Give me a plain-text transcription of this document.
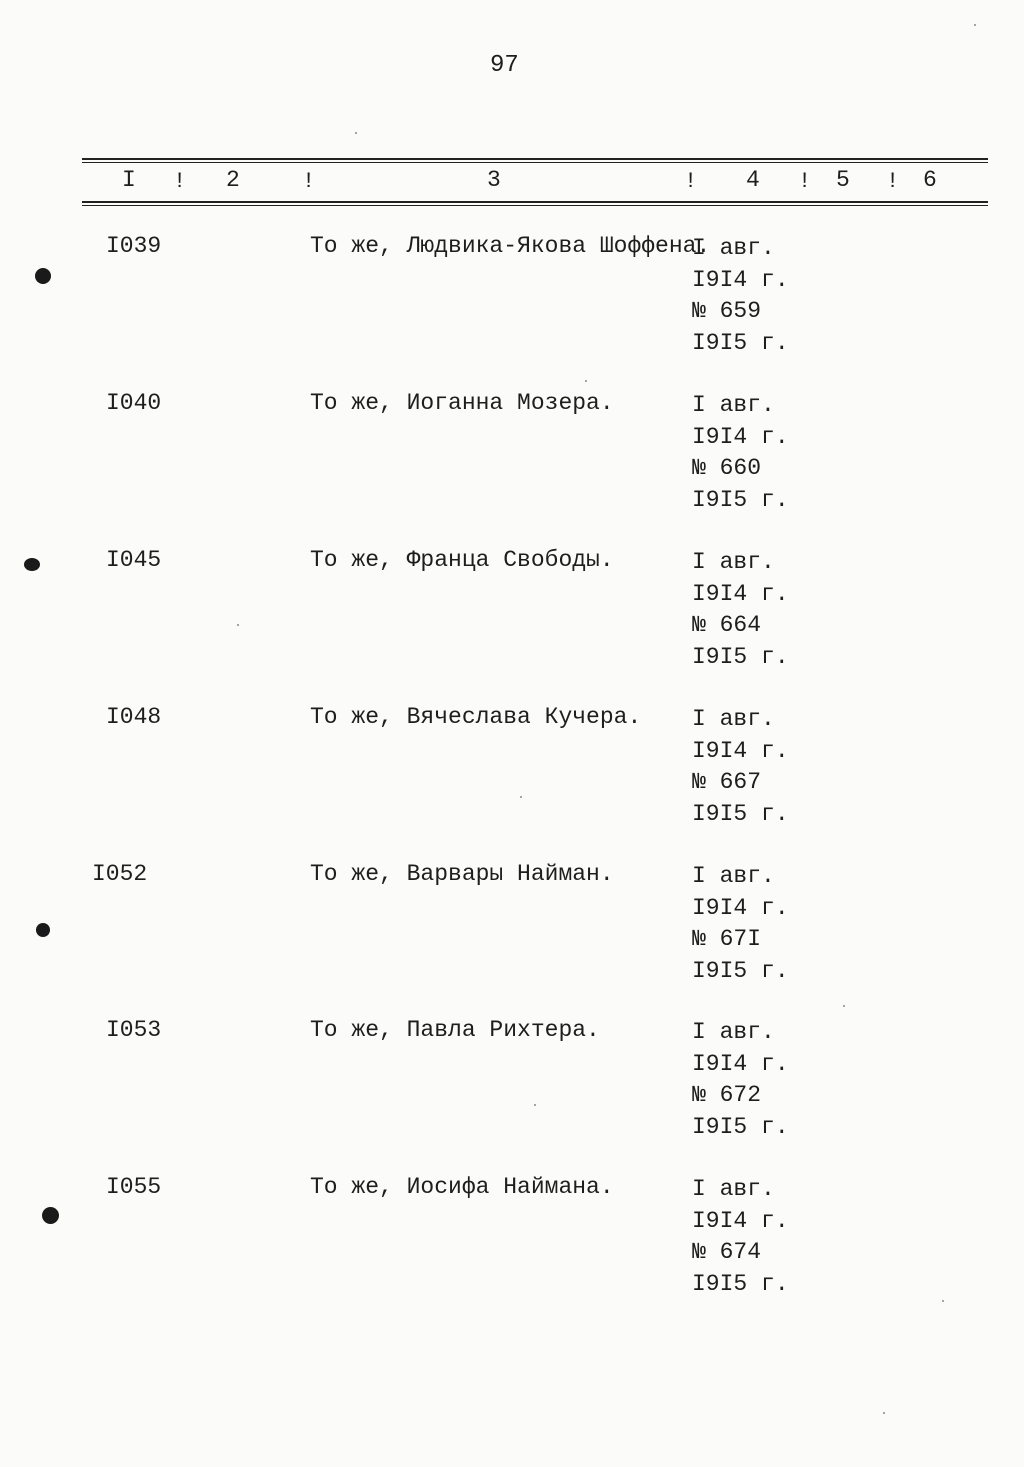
97
I ! 2	!	3	! 4 ! 5 ! 6
I039	То же, Людвика-Якова Шоффена.
I авг.
I9I4 г.
№ 659
I9I5 г.
I040	То же, Иоганна Мозера.	I авг.
I9I4 г.
№ 660
I9I5 г.
I045	То же, Франца Свободы.	I авг.
I9I4 г.
№ 664
I9I5 г.
I048	То же, Вячеслава Кучера. I авг.
I9I4 г.
№ 667
I9I5 г.
I052	То же, Варвары Найман.	I авг.
I9I4 г.
№ 67I
I9I5 г.
I053	То же, Павла Рихтера.	I авг.
I9I4 г.
№ 672
I9I5 г.
I055	То же, Иосифа Наймана.	I авг.
I9I4 г.
№ 674
I9I5 г.
